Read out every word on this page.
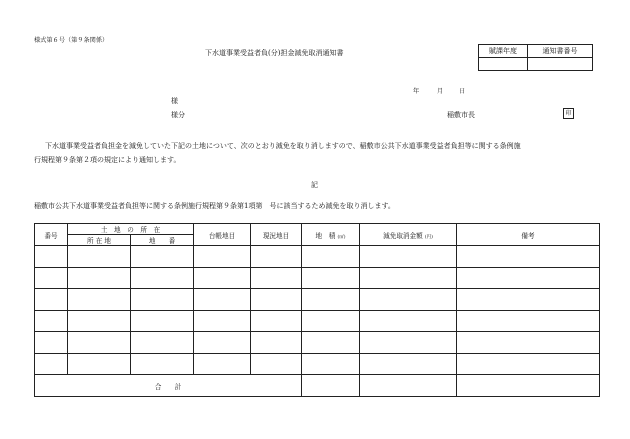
様式第６号（第９条関係）
下水道事業受益者負(分)担金減免取消通知書	賦課年度	通知書番号

年	月	日
様
様分	稲敷市長	印
下水道事業受益者負担金を減免していた下記の土地について、次のとおり減免を取り消しますので、稲敷市公共下水道事業受益者負担等に関する条例施
行規程第９条第２項の規定により通知します。
記
稲敷市公共下水道事業受益者負担等に関する条例施行規程第９条第1項第　号に該当するため減免を取り消します。
番号	土　地　の　所　在		台帳地目	現況地目	地　積 (㎡)	減免取消金額 (円)	備考
	所 在 地	地　　番					

合　　計							
